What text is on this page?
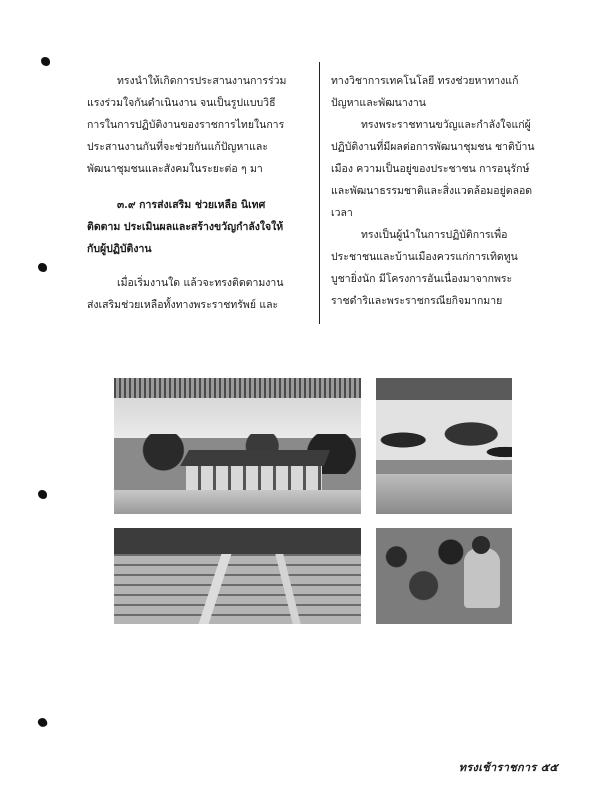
ทรงนำให้เกิดการประสานงานการร่วมแรงร่วมใจกันดำเนินงาน จนเป็นรูปแบบวิธีการในการปฏิบัติงานของราชการไทยในการประสานงานกันที่จะช่วยกันแก้ปัญหาและพัฒนาชุมชนและสังคมในระยะต่อ ๆ มา

๓.๙ การส่งเสริม ช่วยเหลือ นิเทศ ติดตาม ประเมินผลและสร้างขวัญกำลังใจให้กับผู้ปฏิบัติงาน

เมื่อเริ่มงานใด แล้วจะทรงติดตามงานส่งเสริมช่วยเหลือทั้งทางพระราชทรัพย์ และ

ทางวิชาการเทคโนโลยี ทรงช่วยหาทางแก้ปัญหาและพัฒนางาน

ทรงพระราชทานขวัญและกำลังใจแก่ผู้ปฏิบัติงานที่มีผลต่อการพัฒนาชุมชน ชาติบ้านเมือง ความเป็นอยู่ของประชาชน การอนุรักษ์และพัฒนาธรรมชาติและสิ่งแวดล้อมอยู่ตลอดเวลา

ทรงเป็นผู้นำในการปฏิบัติการเพื่อประชาชนและบ้านเมืองควรแก่การเทิดทูนบูชายิ่งนัก มีโครงการอันเนื่องมาจากพระราชดำริและพระราชกรณียกิจมากมาย

ทรงเช้าราชการ ๕๕
